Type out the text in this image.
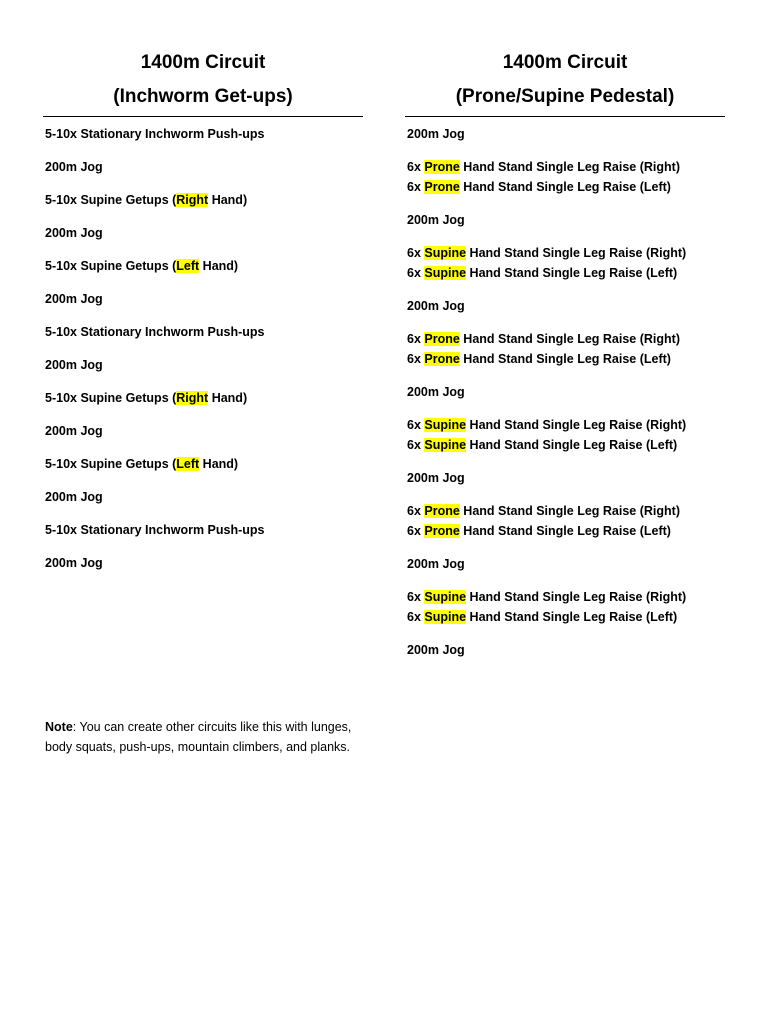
1400m Circuit
(Inchworm Get-ups)
5-10x Stationary Inchworm Push-ups
200m Jog
5-10x Supine Getups (Right Hand)
200m Jog
5-10x Supine Getups (Left Hand)
200m Jog
5-10x Stationary Inchworm Push-ups
200m Jog
5-10x Supine Getups (Right Hand)
200m Jog
5-10x Supine Getups (Left Hand)
200m Jog
5-10x Stationary Inchworm Push-ups
200m Jog
1400m Circuit
(Prone/Supine Pedestal)
200m Jog
6x Prone Hand Stand Single Leg Raise (Right)
6x Prone Hand Stand Single Leg Raise (Left)
200m Jog
6x Supine Hand Stand Single Leg Raise (Right)
6x Supine Hand Stand Single Leg Raise (Left)
200m Jog
6x Prone Hand Stand Single Leg Raise (Right)
6x Prone Hand Stand Single Leg Raise (Left)
200m Jog
6x Supine Hand Stand Single Leg Raise (Right)
6x Supine Hand Stand Single Leg Raise (Left)
200m Jog
6x Prone Hand Stand Single Leg Raise (Right)
6x Prone Hand Stand Single Leg Raise (Left)
200m Jog
6x Supine Hand Stand Single Leg Raise (Right)
6x Supine Hand Stand Single Leg Raise (Left)
200m Jog
Note: You can create other circuits like this with lunges, body squats, push-ups, mountain climbers, and planks.
